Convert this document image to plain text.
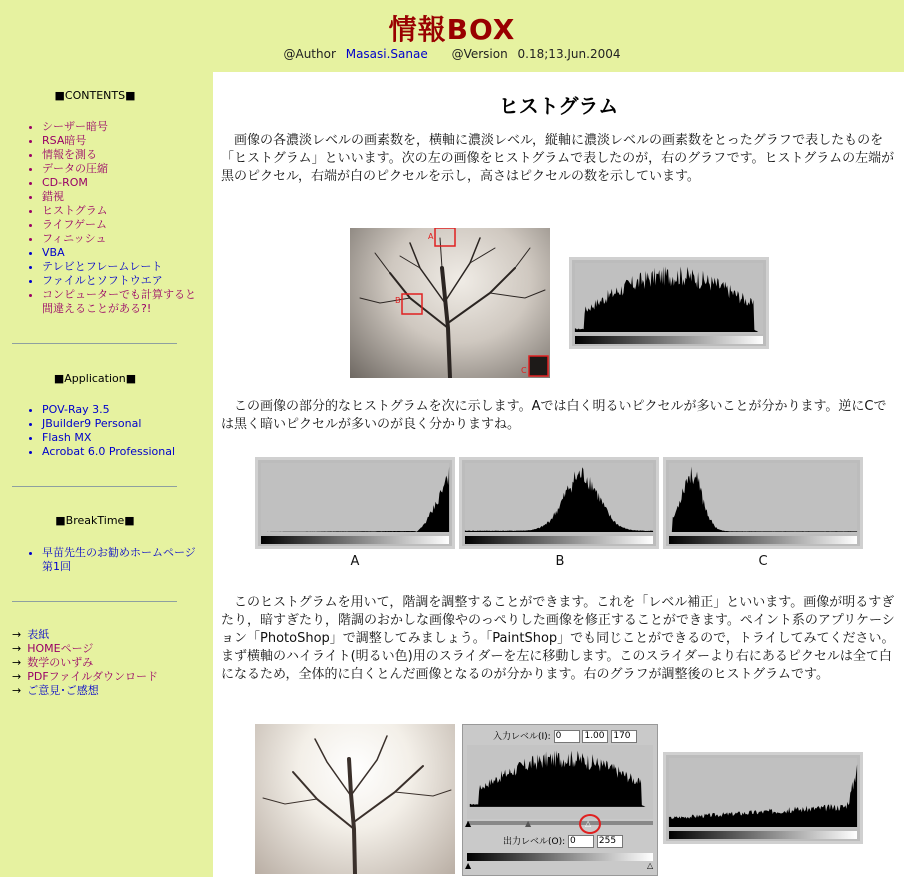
情報BOX
@Author Masasi.Sanae @Version 0.18;13.Jun.2004
■CONTENTS■
• シーザー暗号
• RSA暗号
• 情報を測る
• データの圧縮
• CD-ROM
• 錯視
• ヒストグラム
• ライフゲーム
• フィニッシュ
• VBA
• テレビとフレームレート
• ファイルとソフトウエア
• コンピューターでも計算すると間違えることがある?!
■Application■
• POV-Ray 3.5
• JBuilder9 Personal
• Flash MX
• Acrobat 6.0 Professional
■BreakTime■
• 早苗先生のお勧めホームページ　第1回
→ 表紙
→ HOMEページ
→ 数学のいずみ
→ PDFファイルダウンロード
→ ご意見･ご感想
ヒストグラム
画像の各濃淡レベルの画素数を，横軸に濃淡レベル，縦軸に濃淡レベルの画素数をとったグラフで表したものを「ヒストグラム」といいます。次の左の画像をヒストグラムで表したのが，右のグラフです。ヒストグラムの左端が黒のピクセル，右端が白のピクセルを示し，高さはピクセルの数を示しています。
A
B
C
この画像の部分的なヒストグラムを次に示します。Aでは白く明るいピクセルが多いことが分かります。逆にCでは黒く暗いピクセルが多いのが良く分かりますね。
A	B	C
このヒストグラムを用いて，階調を調整することができます。これを「レベル補正」といいます。画像が明るすぎたり，暗すぎたり，階調のおかしな画像やのっぺりした画像を修正することができます。ペイント系のアプリケーション「PhotoShop」で調整してみましょう。「PaintShop」でも同じことができるので，トライしてみてください。まず横軸のハイライト(明るい色)用のスライダーを左に移動します。このスライダーより右にあるピクセルは全て白になるため，全体的に白くとんだ画像となるのが分かります。右のグラフが調整後のヒストグラムです。
入力レベル(I): 0	1.00 170
▲	▲	△
出力レベル(O): 0	255
▲	△
